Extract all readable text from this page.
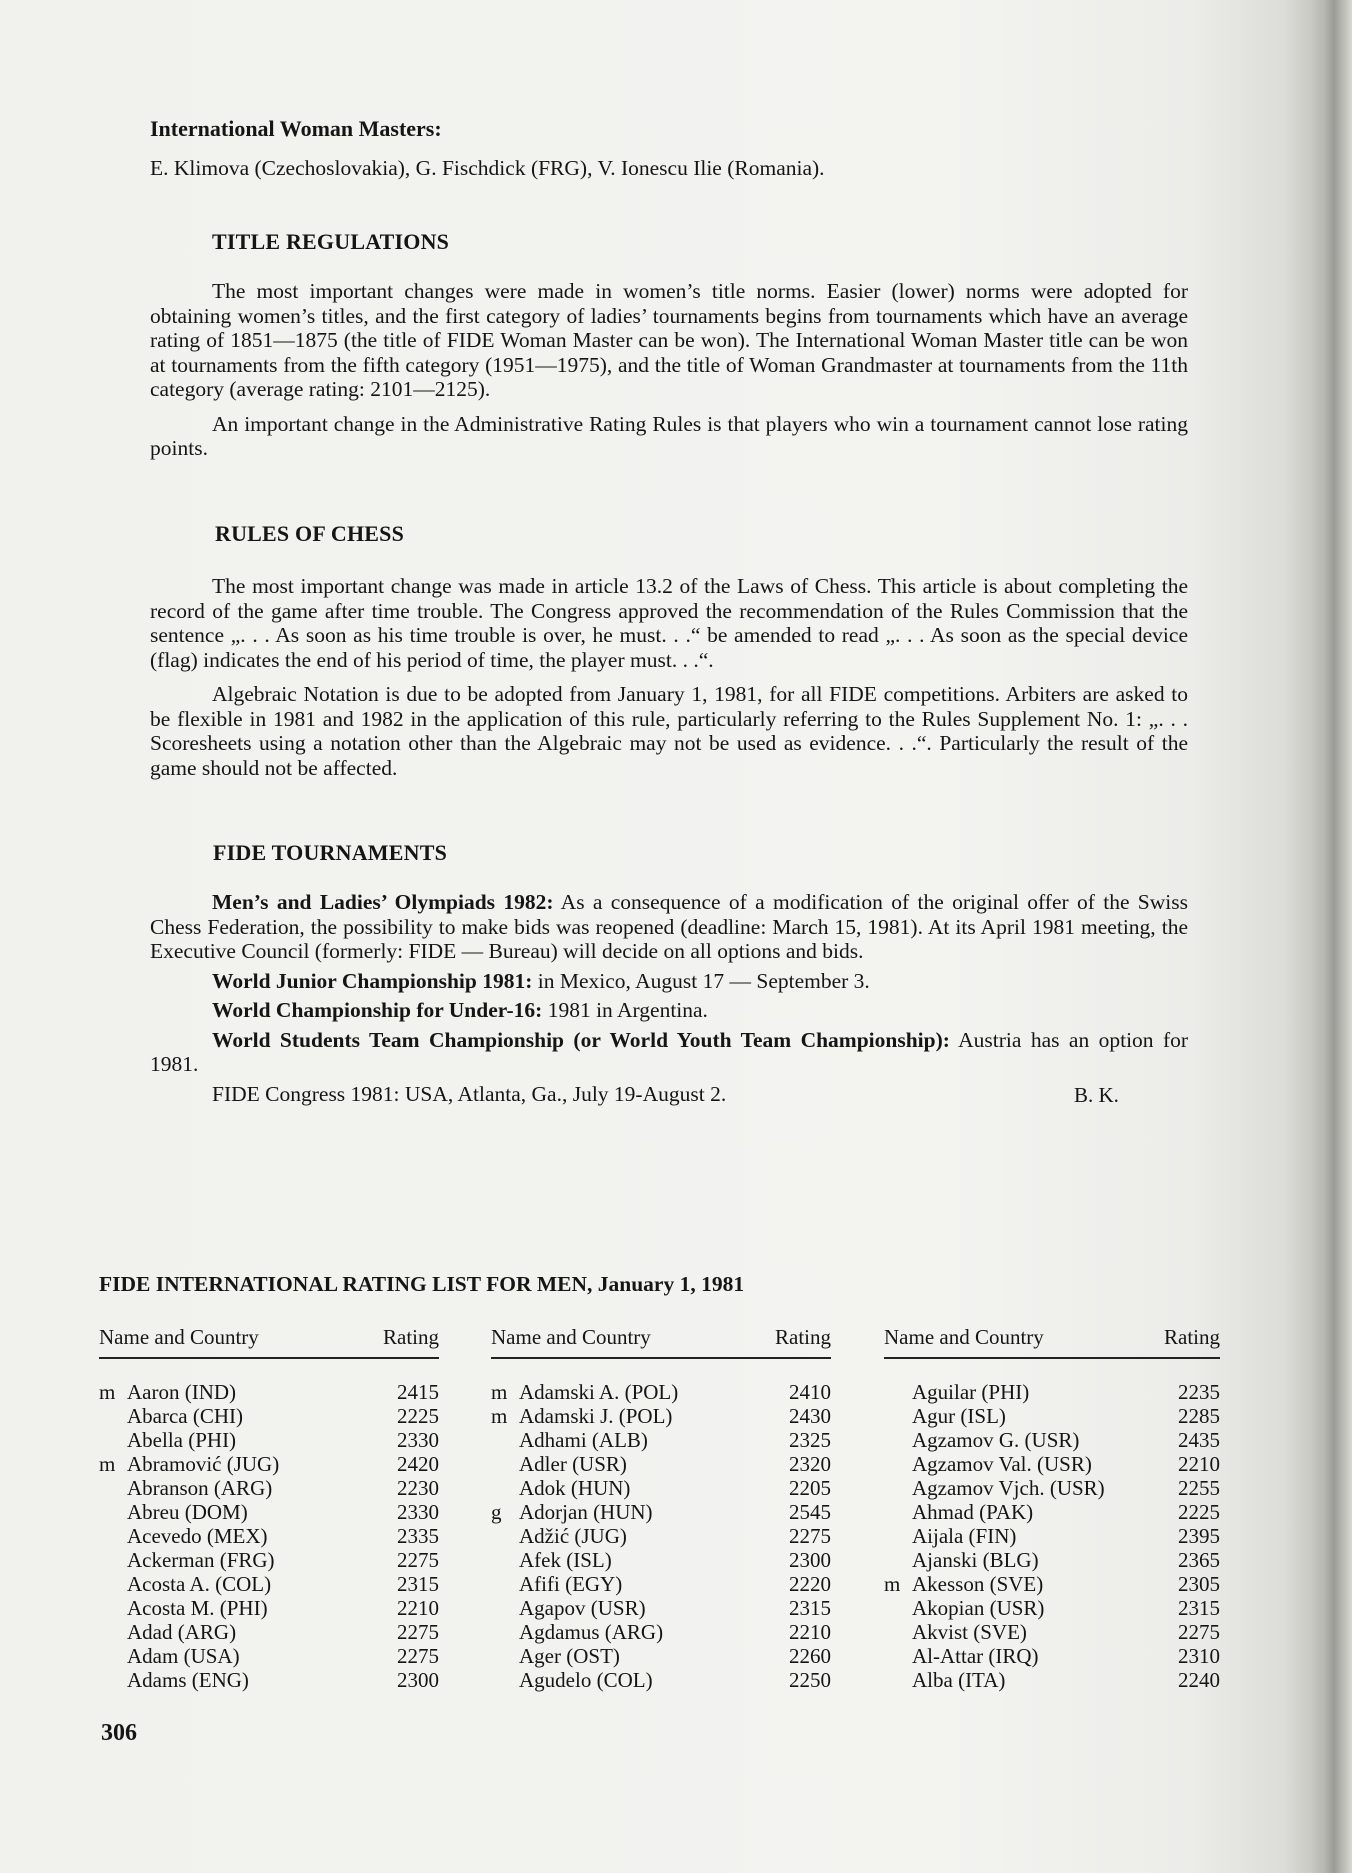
International Woman Masters:

E. Klimova (Czechoslovakia), G. Fischdick (FRG), V. Ionescu Ilie (Romania).

TITLE REGULATIONS

The most important changes were made in women’s title norms. Easier (lower) norms were adopted for obtaining women’s titles, and the first category of ladies’ tournaments begins from tournaments which have an average rating of 1851—1875 (the title of FIDE Woman Master can be won). The International Woman Master title can be won at tournaments from the fifth category (1951—1975), and the title of Woman Grandmaster at tournaments from the 11th category (average rating: 2101—2125).

An important change in the Administrative Rating Rules is that players who win a tournament cannot lose rating points.

RULES OF CHESS

The most important change was made in article 13.2 of the Laws of Chess. This article is about completing the record of the game after time trouble. The Congress approved the recommendation of the Rules Commission that the sentence „. . . As soon as his time trouble is over, he must. . .“ be amended to read „. . . As soon as the special device (flag) indicates the end of his period of time, the player must. . .“.

Algebraic Notation is due to be adopted from January 1, 1981, for all FIDE competitions. Arbiters are asked to be flexible in 1981 and 1982 in the application of this rule, particularly referring to the Rules Supplement No. 1: „. . . Scoresheets using a notation other than the Algebraic may not be used as evidence. . .“. Particularly the result of the game should not be affected.

FIDE TOURNAMENTS

Men’s and Ladies’ Olympiads 1982: As a consequence of a modification of the original offer of the Swiss Chess Federation, the possibility to make bids was reopened (deadline: March 15, 1981). At its April 1981 meeting, the Executive Council (formerly: FIDE — Bureau) will decide on all options and bids.

World Junior Championship 1981: in Mexico, August 17 — September 3.

World Championship for Under-16: 1981 in Argentina.

World Students Team Championship (or World Youth Team Championship): Austria has an option for 1981.

FIDE Congress 1981: USA, Atlanta, Ga., July 19-August 2.	B. K.
FIDE INTERNATIONAL RATING LIST FOR MEN, January 1, 1981
Name and Country	Rating
m Aaron (IND)	2415
Abarca (CHI)	2225
Abella (PHI)	2330
m Abramović (JUG)	2420
Abranson (ARG)	2230
Abreu (DOM)	2330
Acevedo (MEX)	2335
Ackerman (FRG)	2275
Acosta A. (COL)	2315
Acosta M. (PHI)	2210
Adad (ARG)	2275
Adam (USA)	2275
Adams (ENG)	2300
Name and Country	Rating
m Adamski A. (POL)	2410
m Adamski J. (POL)	2430
Adhami (ALB)	2325
Adler (USR)	2320
Adok (HUN)	2205
g Adorjan (HUN)	2545
Adžić (JUG)	2275
Afek (ISL)	2300
Afifi (EGY)	2220
Agapov (USR)	2315
Agdamus (ARG)	2210
Ager (OST)	2260
Agudelo (COL)	2250
Name and Country	Rating
Aguilar (PHI)	2235
Agur (ISL)	2285
Agzamov G. (USR)	2435
Agzamov Val. (USR)	2210
Agzamov Vjch. (USR)	2255
Ahmad (PAK)	2225
Aijala (FIN)	2395
Ajanski (BLG)	2365
m Akesson (SVE)	2305
Akopian (USR)	2315
Akvist (SVE)	2275
Al-Attar (IRQ)	2310
Alba (ITA)	2240
306
